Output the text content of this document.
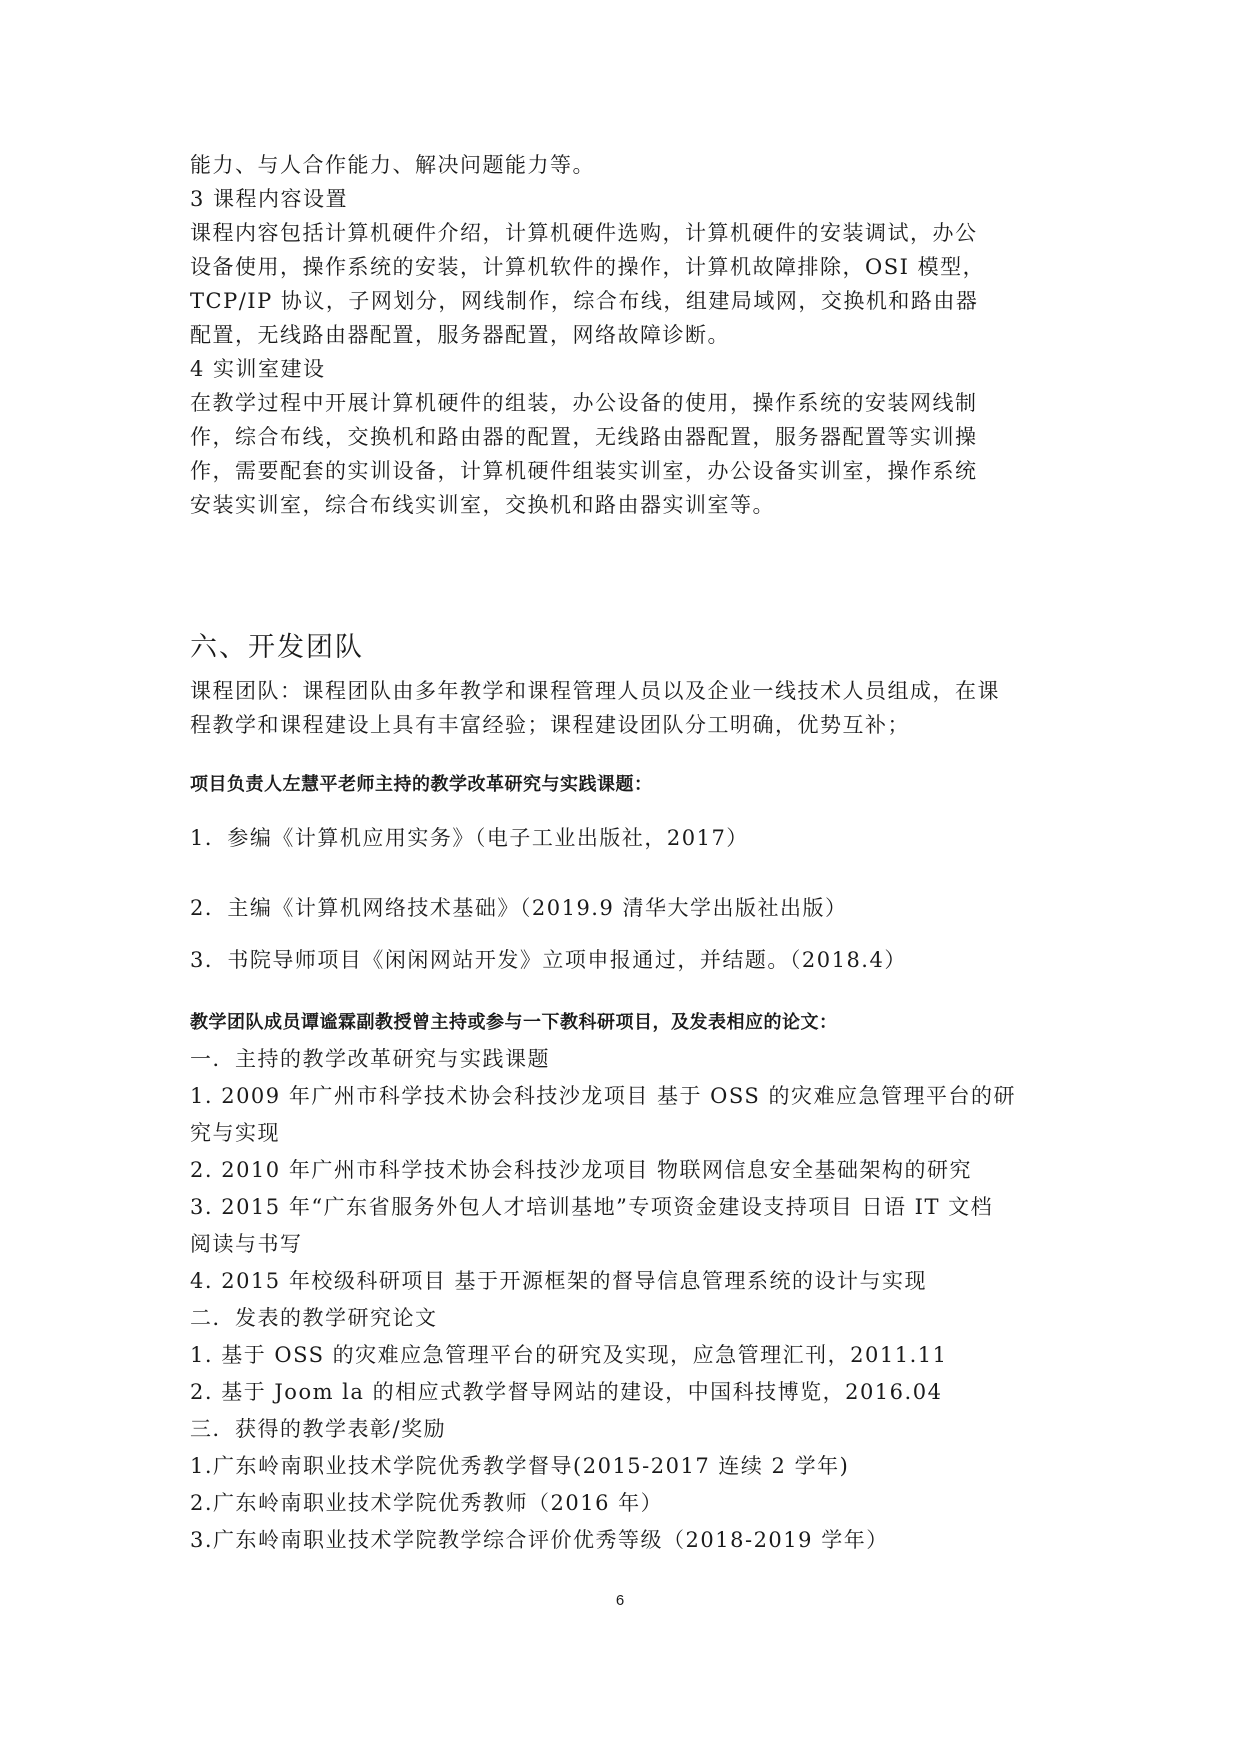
能力、与人合作能力、解决问题能力等。
3 课程内容设置
课程内容包括计算机硬件介绍，计算机硬件选购，计算机硬件的安装调试，办公
设备使用，操作系统的安装，计算机软件的操作，计算机故障排除，OSI 模型，
TCP/IP 协议，子网划分，网线制作，综合布线，组建局域网，交换机和路由器
配置，无线路由器配置，服务器配置，网络故障诊断。
4 实训室建设
在教学过程中开展计算机硬件的组装，办公设备的使用，操作系统的安装网线制
作，综合布线，交换机和路由器的配置，无线路由器配置，服务器配置等实训操
作，需要配套的实训设备，计算机硬件组装实训室，办公设备实训室，操作系统
安装实训室，综合布线实训室，交换机和路由器实训室等。
六、开发团队
课程团队：课程团队由多年教学和课程管理人员以及企业一线技术人员组成，在课
程教学和课程建设上具有丰富经验；课程建设团队分工明确，优势互补；
项目负责人左慧平老师主持的教学改革研究与实践课题：
1．参编《计算机应用实务》（电子工业出版社，2017）
2．主编《计算机网络技术基础》（2019.9 清华大学出版社出版）
3．书院导师项目《闲闲网站开发》立项申报通过，并结题。（2018.4）
教学团队成员谭谧霖副教授曾主持或参与一下教科研项目，及发表相应的论文：
一．主持的教学改革研究与实践课题
1. 2009 年广州市科学技术协会科技沙龙项目 基于 OSS 的灾难应急管理平台的研
究与实现
2. 2010 年广州市科学技术协会科技沙龙项目 物联网信息安全基础架构的研究
3. 2015 年“广东省服务外包人才培训基地”专项资金建设支持项目 日语 IT 文档
阅读与书写
4. 2015 年校级科研项目 基于开源框架的督导信息管理系统的设计与实现
二．发表的教学研究论文
1. 基于 OSS 的灾难应急管理平台的研究及实现，应急管理汇刊，2011.11
2. 基于 Joom la 的相应式教学督导网站的建设，中国科技博览，2016.04
三．获得的教学表彰/奖励
1.广东岭南职业技术学院优秀教学督导(2015-2017 连续 2 学年)
2.广东岭南职业技术学院优秀教师（2016 年）
3.广东岭南职业技术学院教学综合评价优秀等级（2018-2019 学年）
6
